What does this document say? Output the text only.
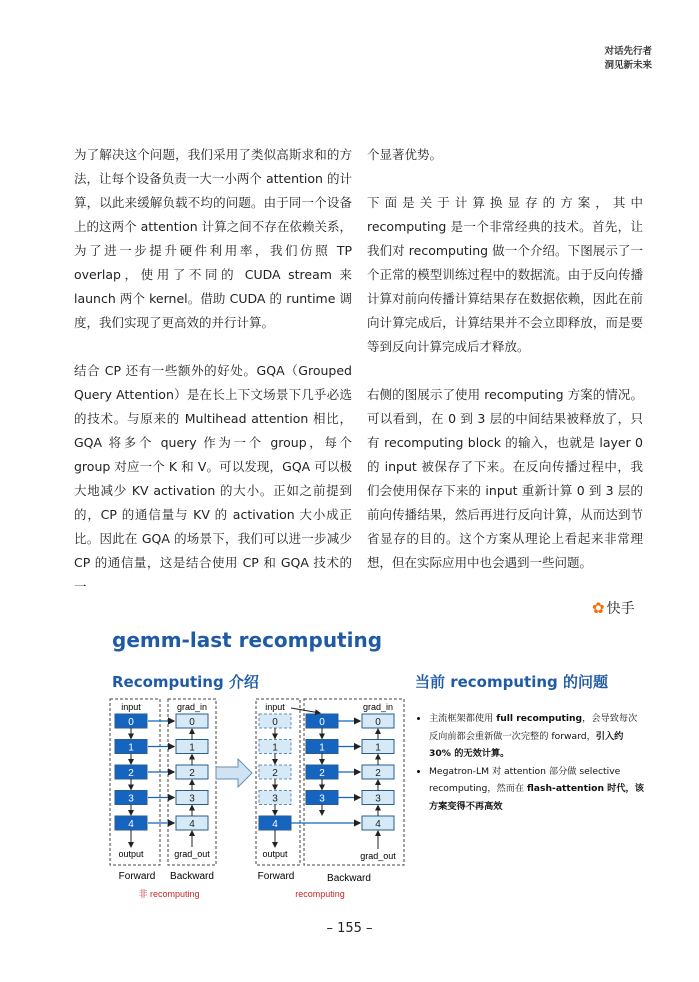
对话先行者
洞见新未来

为了解决这个问题，我们采用了类似高斯求和的方法，让每个设备负责一大一小两个 attention 的计算，以此来缓解负载不均的问题。由于同一个设备上的这两个 attention 计算之间不存在依赖关系，为了进一步提升硬件利用率，我们仿照 TP overlap，使用了不同的 CUDA stream 来 launch 两个 kernel。借助 CUDA 的 runtime 调度，我们实现了更高效的并行计算。

结合 CP 还有一些额外的好处。GQA（Grouped Query Attention）是在长上下文场景下几乎必选的技术。与原来的 Multihead attention 相比，GQA 将多个 query 作为一个 group，每个 group 对应一个 K 和 V。可以发现，GQA 可以极大地减少 KV activation 的大小。正如之前提到的，CP 的通信量与 KV 的 activation 大小成正比。因此在 GQA 的场景下，我们可以进一步减少 CP 的通信量，这是结合使用 CP 和 GQA 技术的一

个显著优势。

下面是关于计算换显存的方案，其中 recomputing 是一个非常经典的技术。首先，让我们对 recomputing 做一个介绍。下图展示了一个正常的模型训练过程中的数据流。由于反向传播计算对前向传播计算结果存在数据依赖，因此在前向计算完成后，计算结果并不会立即释放，而是要等到反向计算完成后才释放。

右侧的图展示了使用 recomputing 方案的情况。可以看到，在 0 到 3 层的中间结果被释放了，只有 recomputing block 的输入，也就是 layer 0 的 input 被保存了下来。在反向传播过程中，我们会使用保存下来的 input 重新计算 0 到 3 层的前向传播结果，然后再进行反向计算，从而达到节省显存的目的。这个方案从理论上看起来非常理想，但在实际应用中也会遇到一些问题。

✿ 快手
gemm-last recomputing
Recomputing 介绍	当前 recomputing 的问题
• 主流框架都使用 full recomputing，会导致每次反向前都会重新做一次完整的 forward，引入约 30% 的无效计算。
• Megatron-LM 对 attention 部分做 selective recomputing，然而在 flash-attention 时代，该方案变得不再高效
input	grad_in
output	grad_out
0	0
1	1
2	2
3	3
4	4
input	grad_in
output	grad_out
0	0	0
1	1	1
2	2	2
3	3	3
4	4
Forward Backward
非 recomputing
Forward	Backward
recomputing
– 155 –
